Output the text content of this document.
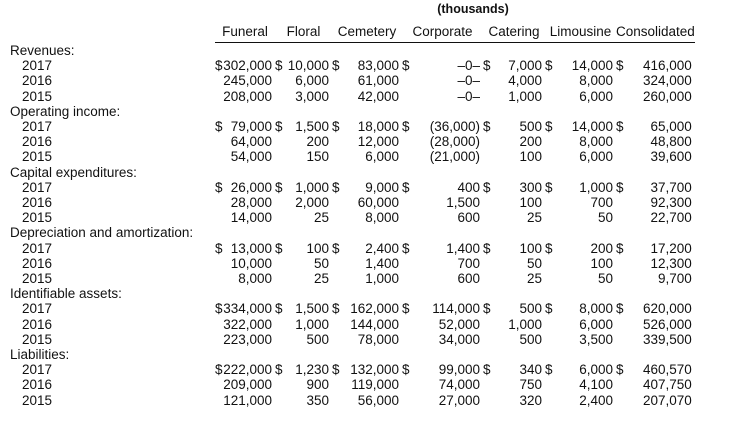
(thousands)
	Funeral	Floral	Cemetery	Corporate	Catering	Limousine	Consolidated
Revenues:							
2017	$ 302,000	$ 10,000	$ 83,000	$ –0–	$ 7,000	$ 14,000	$ 416,000

2016	245,000	6,000	61,000	–0–	4,000	8,000	324,000

2015	208,000	3,000	42,000	–0–	1,000	6,000	260,000

Operating income:							
2017	$ 79,000	$ 1,500	$ 18,000	$ (36,000)	$ 500	$ 14,000	$ 65,000

2016	64,000	200	12,000	(28,000)	200	8,000	48,800

2015	54,000	150	6,000	(21,000)	100	6,000	39,600

Capital expenditures:							
2017	$ 26,000	$ 1,000	$ 9,000	$ 400	$ 300	$ 1,000	$ 37,700

2016	28,000	2,000	60,000	1,500	100	700	92,300

2015	14,000	25	8,000	600	25	50	22,700

Depreciation and amortization:							
2017	$ 13,000	$ 100	$ 2,400	$ 1,400	$ 100	$ 200	$ 17,200

2016	10,000	50	1,400	700	50	100	12,300

2015	8,000	25	1,000	600	25	50	9,700

Identifiable assets:							
2017	$ 334,000	$ 1,500	$ 162,000	$ 114,000	$ 500	$ 8,000	$ 620,000

2016	322,000	1,000	144,000	52,000	1,000	6,000	526,000

2015	223,000	500	78,000	34,000	500	3,500	339,500

Liabilities:							
2017	$ 222,000	$ 1,230	$ 132,000	$ 99,000	$ 340	$ 6,000	$ 460,570

2016	209,000	900	119,000	74,000	750	4,100	407,750

2015	121,000	350	56,000	27,000	320	2,400	207,070
